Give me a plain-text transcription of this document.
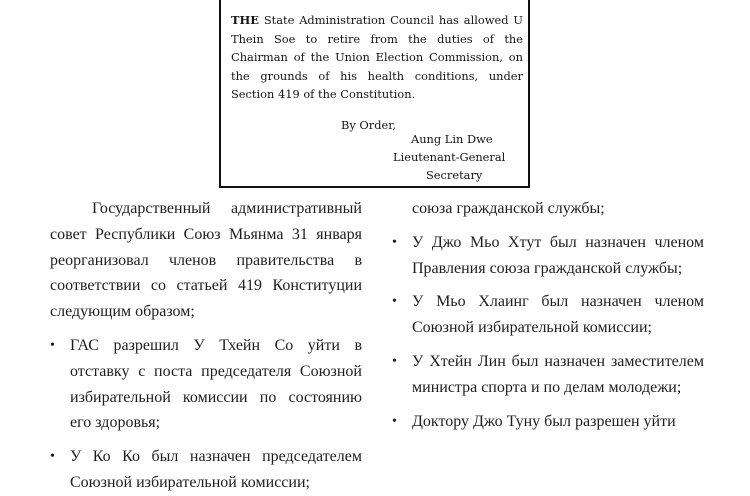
THE State Administration Council has allowed U Thein Soe to retire from the duties of the Chairman of the Union Election Commission, on the grounds of his health conditions, under Section 419 of the Constitution.
By Order,
Aung Lin Dwe
Lieutenant-General
Secretary

Государственный административный совет Республики Союз Мьянма 31 января реорганизовал членов правительства в соответствии со статьей 419 Конституции следующим образом;

• ГАС разрешил У Тхейн Со уйти в отставку с поста председателя Союзной избирательной комиссии по состоянию его здоровья;
• У Ко Ко был назначен председателем Союзной избирательной комиссии;

союза гражданской службы;

• У Джо Мьо Хтут был назначен членом Правления союза гражданской службы;
• У Мьо Хлаинг был назначен членом Союзной избирательной комиссии;
• У Хтейн Лин был назначен заместителем министра спорта и по делам молодежи;
• Доктору Джо Туну был разрешен уйти
